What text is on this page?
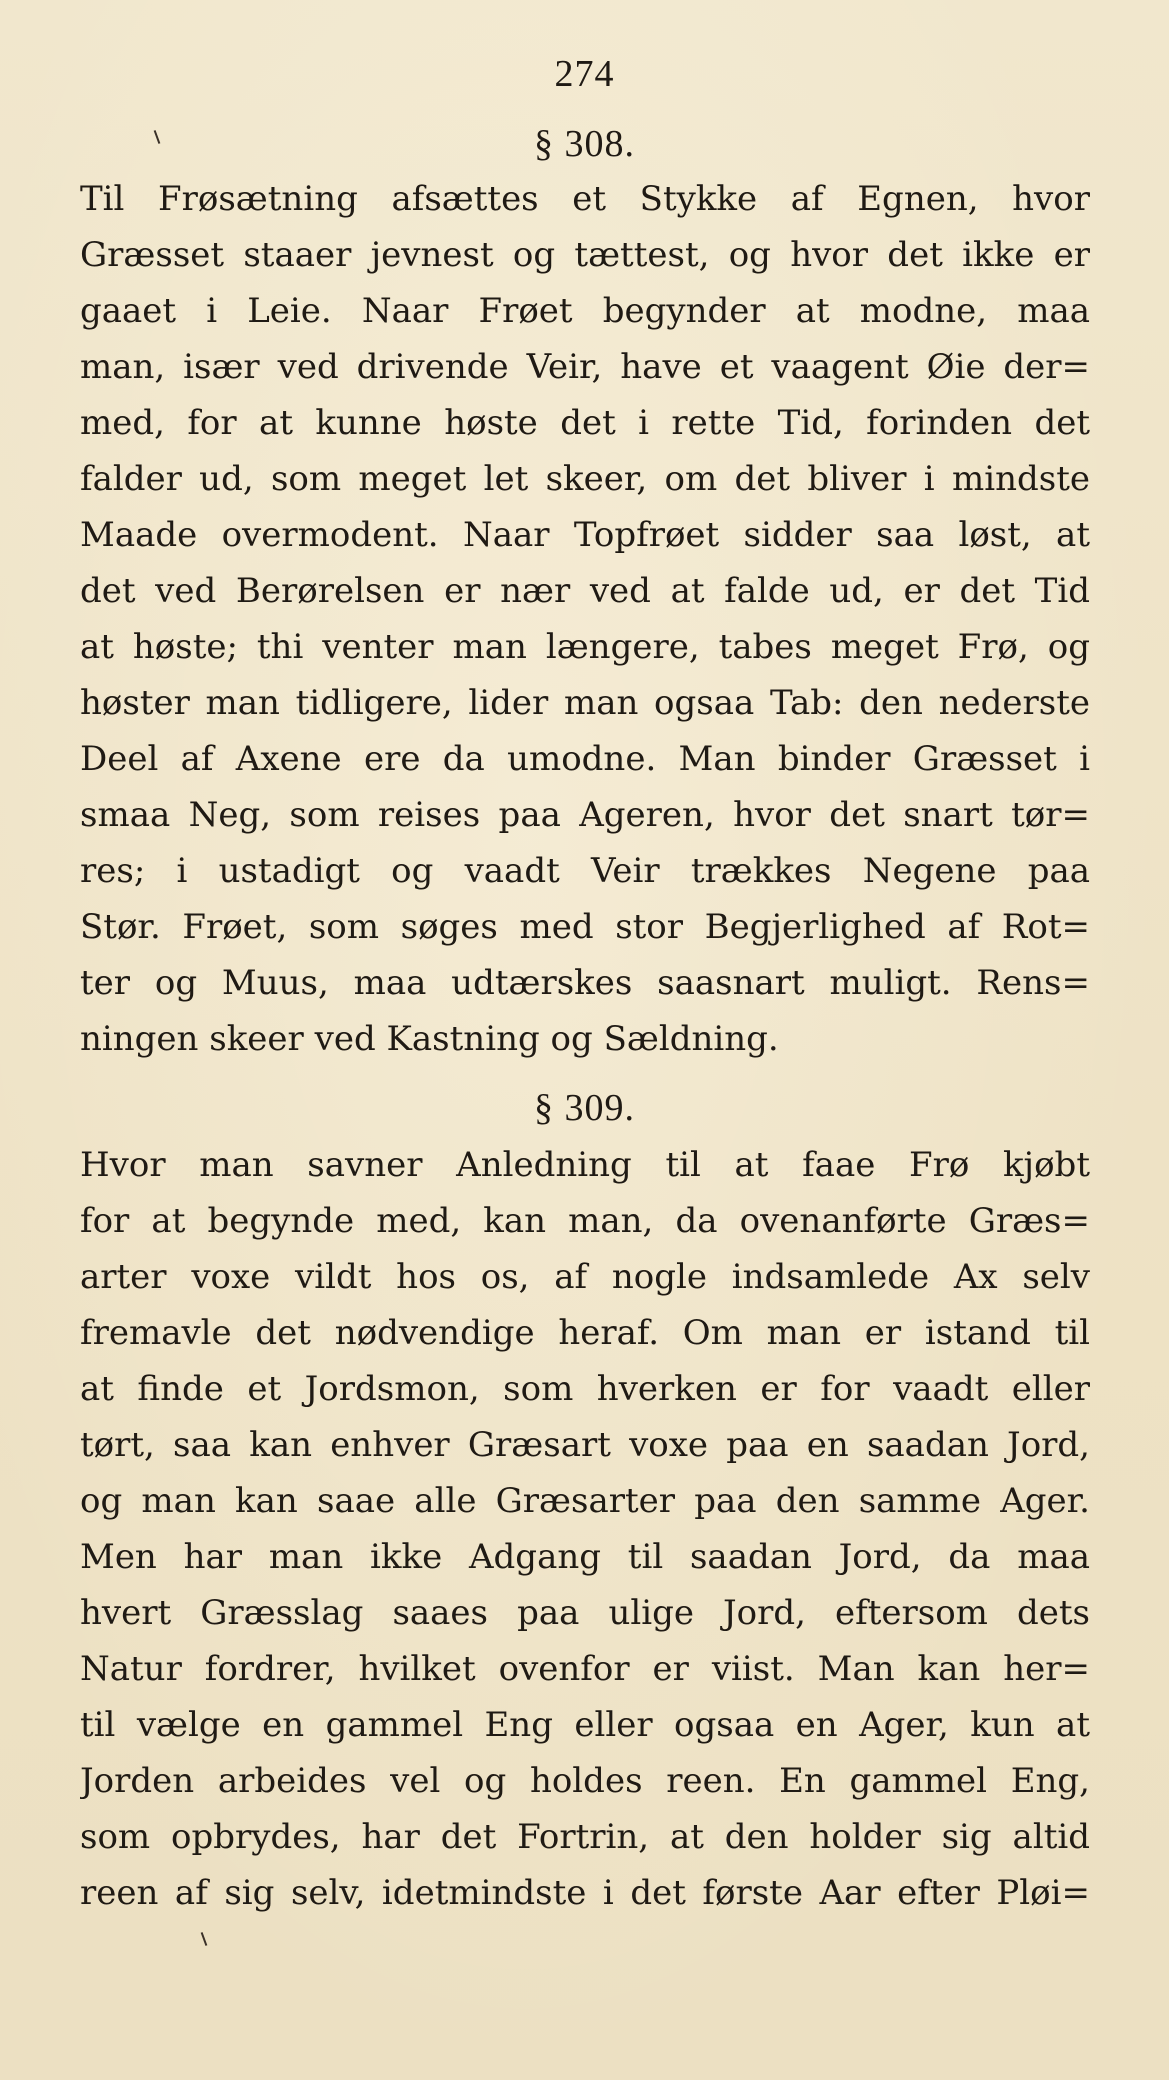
274
§ 308.
Til Frøsætning afsættes et Stykke af Egnen, hvor
Græsset staaer jevnest og tættest, og hvor det ikke er
gaaet i Leie. Naar Frøet begynder at modne, maa
man, især ved drivende Veir, have et vaagent Øie der=
med, for at kunne høste det i rette Tid, forinden det
falder ud, som meget let skeer, om det bliver i mindste
Maade overmodent. Naar Topfrøet sidder saa løst, at
det ved Berørelsen er nær ved at falde ud, er det Tid
at høste; thi venter man længere, tabes meget Frø, og
høster man tidligere, lider man ogsaa Tab: den nederste
Deel af Axene ere da umodne. Man binder Græsset i
smaa Neg, som reises paa Ageren, hvor det snart tør=
res; i ustadigt og vaadt Veir trækkes Negene paa
Stør. Frøet, som søges med stor Begjerlighed af Rot=
ter og Muus, maa udtærskes saasnart muligt. Rens=
ningen skeer ved Kastning og Sældning.
§ 309.
Hvor man savner Anledning til at faae Frø kjøbt
for at begynde med, kan man, da ovenanførte Græs=
arter voxe vildt hos os, af nogle indsamlede Ax selv
fremavle det nødvendige heraf. Om man er istand til
at finde et Jordsmon, som hverken er for vaadt eller
tørt, saa kan enhver Græsart voxe paa en saadan Jord,
og man kan saae alle Græsarter paa den samme Ager.
Men har man ikke Adgang til saadan Jord, da maa
hvert Græsslag saaes paa ulige Jord, eftersom dets
Natur fordrer, hvilket ovenfor er viist. Man kan her=
til vælge en gammel Eng eller ogsaa en Ager, kun at
Jorden arbeides vel og holdes reen. En gammel Eng,
som opbrydes, har det Fortrin, at den holder sig altid
reen af sig selv, idetmindste i det første Aar efter Pløi=
